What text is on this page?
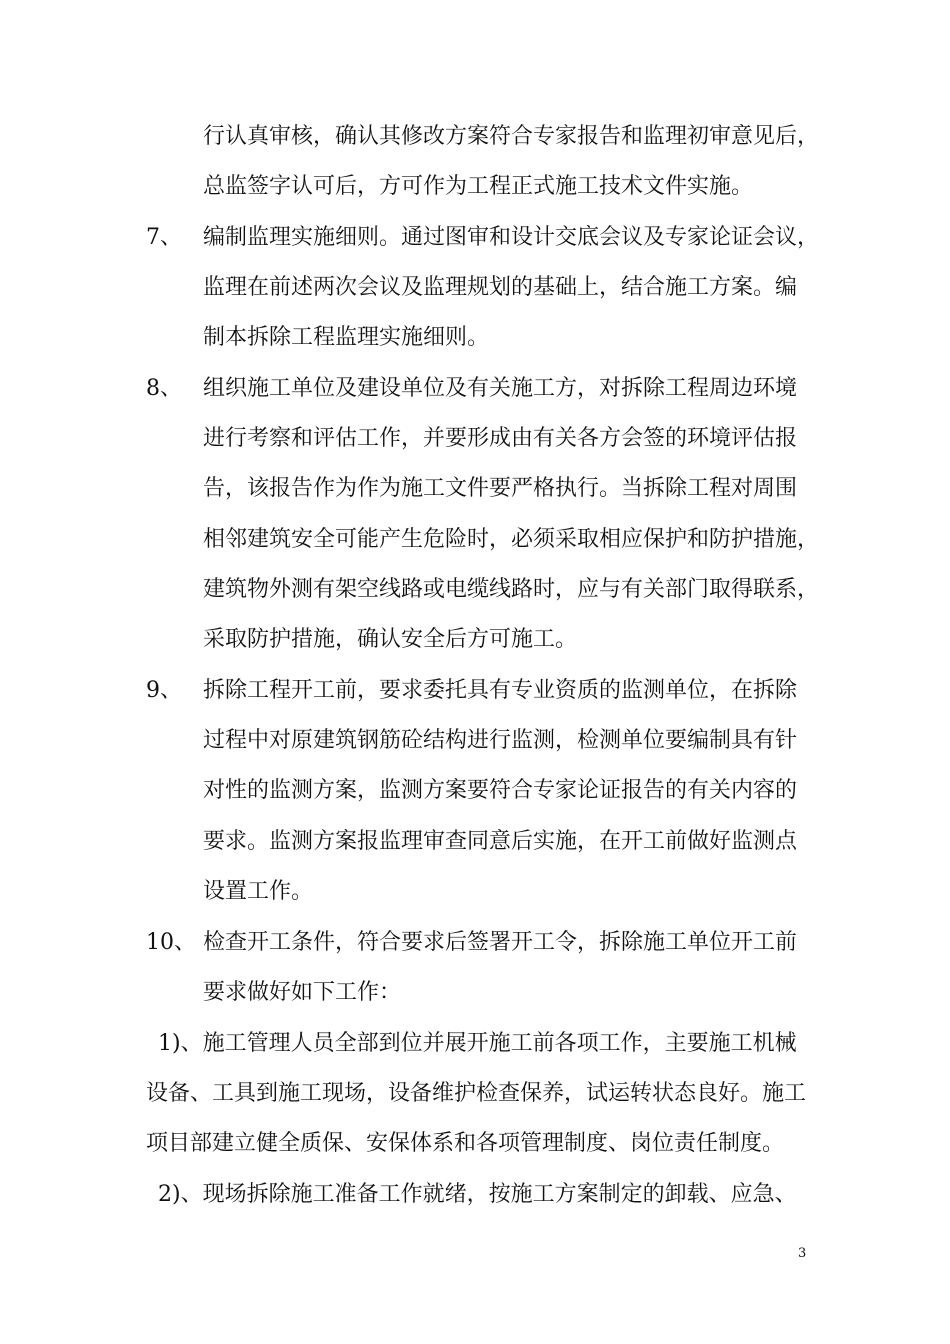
行认真审核，确认其修改方案符合专家报告和监理初审意见后，
总监签字认可后，方可作为工程正式施工技术文件实施。
7、 编制监理实施细则。通过图审和设计交底会议及专家论证会议，
监理在前述两次会议及监理规划的基础上，结合施工方案。编
制本拆除工程监理实施细则。
8、 组织施工单位及建设单位及有关施工方，对拆除工程周边环境
进行考察和评估工作，并要形成由有关各方会签的环境评估报
告，该报告作为作为施工文件要严格执行。当拆除工程对周围
相邻建筑安全可能产生危险时，必须采取相应保护和防护措施，
建筑物外测有架空线路或电缆线路时，应与有关部门取得联系，
采取防护措施，确认安全后方可施工。
9、 拆除工程开工前，要求委托具有专业资质的监测单位，在拆除
过程中对原建筑钢筋砼结构进行监测，检测单位要编制具有针
对性的监测方案，监测方案要符合专家论证报告的有关内容的
要求。监测方案报监理审查同意后实施，在开工前做好监测点
设置工作。
10、 检查开工条件，符合要求后签署开工令，拆除施工单位开工前
要求做好如下工作：
1)、施工管理人员全部到位并展开施工前各项工作，主要施工机械
设备、工具到施工现场，设备维护检查保养，试运转状态良好。施工
项目部建立健全质保、安保体系和各项管理制度、岗位责任制度。
2)、现场拆除施工准备工作就绪，按施工方案制定的卸载、应急、
3
